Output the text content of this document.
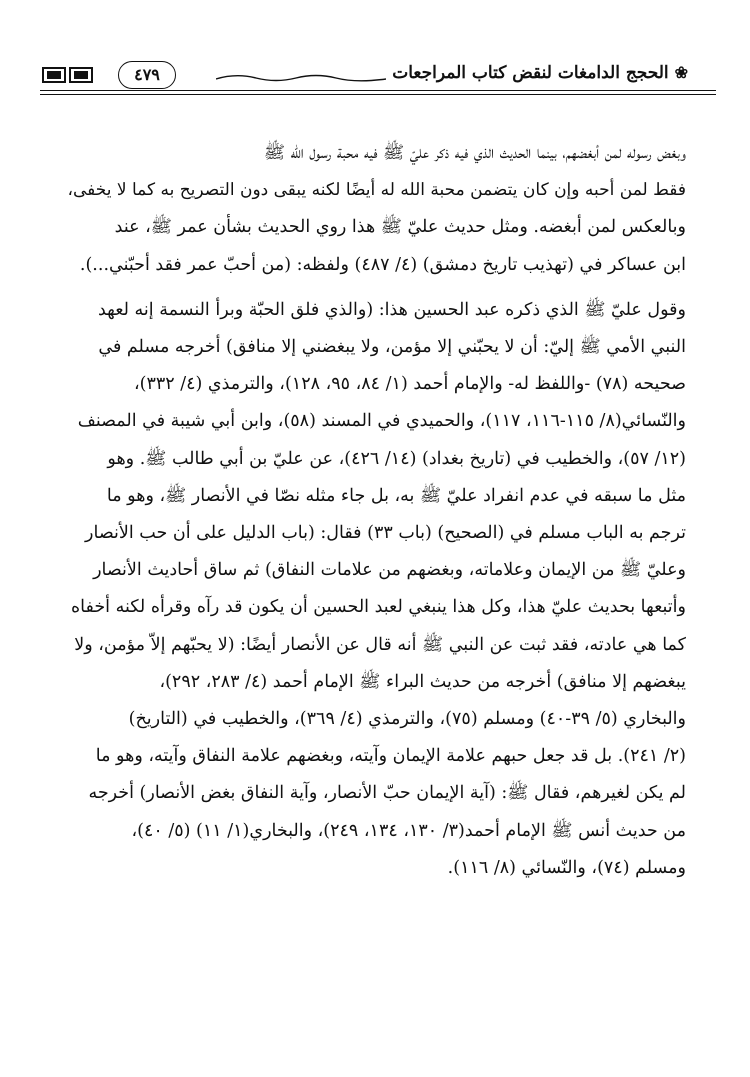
٤٧٩	❀ الحجج الدامغات لنقض كتاب المراجعات

وبغض رسوله لمن أبغضهم، بينما الحديث الذي فيه ذكر عليّ ﷺ فيه محبة رسول الله ﷺ
فقط لمن أحبه وإن كان يتضمن محبة الله له أيضًا لكنه يبقى دون التصريح به كما لا يخفى،
وبالعكس لمن أبغضه. ومثل حديث عليّ ﷺ هذا روي الحديث بشأن عمر ﷺ، عند
ابن عساكر في (تهذيب تاريخ دمشق) (٤/ ٤٨٧) ولفظه: (من أحبّ عمر فقد أحبّني...).

وقول عليّ ﷺ الذي ذكره عبد الحسين هذا: (والذي فلق الحبّة وبرأ النسمة إنه لعهد
النبي الأمي ﷺ إليّ: أن لا يحبّني إلا مؤمن، ولا يبغضني إلا منافق) أخرجه مسلم في
صحيحه (٧٨) -واللفظ له- والإمام أحمد (١/ ٨٤، ٩٥، ١٢٨)، والترمذي (٤/ ٣٣٢)،
والنّسائي(٨/ ١١٥-١١٦، ١١٧)، والحميدي في المسند (٥٨)، وابن أبي شيبة في المصنف
(١٢/ ٥٧)، والخطيب في (تاريخ بغداد) (١٤/ ٤٢٦)، عن عليّ بن أبي طالب ﷺ. وهو
مثل ما سبقه في عدم انفراد عليّ ﷺ به، بل جاء مثله نصّا في الأنصار ﷺ، وهو ما
ترجم به الباب مسلم في (الصحيح) (باب ٣٣) فقال: (باب الدليل على أن حب الأنصار
وعليّ ﷺ من الإيمان وعلاماته، وبغضهم من علامات النفاق) ثم ساق أحاديث الأنصار
وأتبعها بحديث عليّ هذا، وكل هذا ينبغي لعبد الحسين أن يكون قد رآه وقرأه لكنه أخفاه
كما هي عادته، فقد ثبت عن النبي ﷺ أنه قال عن الأنصار أيضًا: (لا يحبّهم إلاّ مؤمن، ولا
يبغضهم إلا منافق) أخرجه من حديث البراء ﷺ الإمام أحمد (٤/ ٢٨٣، ٢٩٢)،
والبخاري (٥/ ٣٩-٤٠) ومسلم (٧٥)، والترمذي (٤/ ٣٦٩)، والخطيب في (التاريخ)
(٢/ ٢٤١). بل قد جعل حبهم علامة الإيمان وآيته، وبغضهم علامة النفاق وآيته، وهو ما
لم يكن لغيرهم، فقال ﷺ: (آية الإيمان حبّ الأنصار، وآية النفاق بغض الأنصار) أخرجه
من حديث أنس ﷺ الإمام أحمد(٣/ ١٣٠، ١٣٤، ٢٤٩)، والبخاري(١/ ١١) (٥/ ٤٠)،
ومسلم (٧٤)، والنّسائي (٨/ ١١٦).
